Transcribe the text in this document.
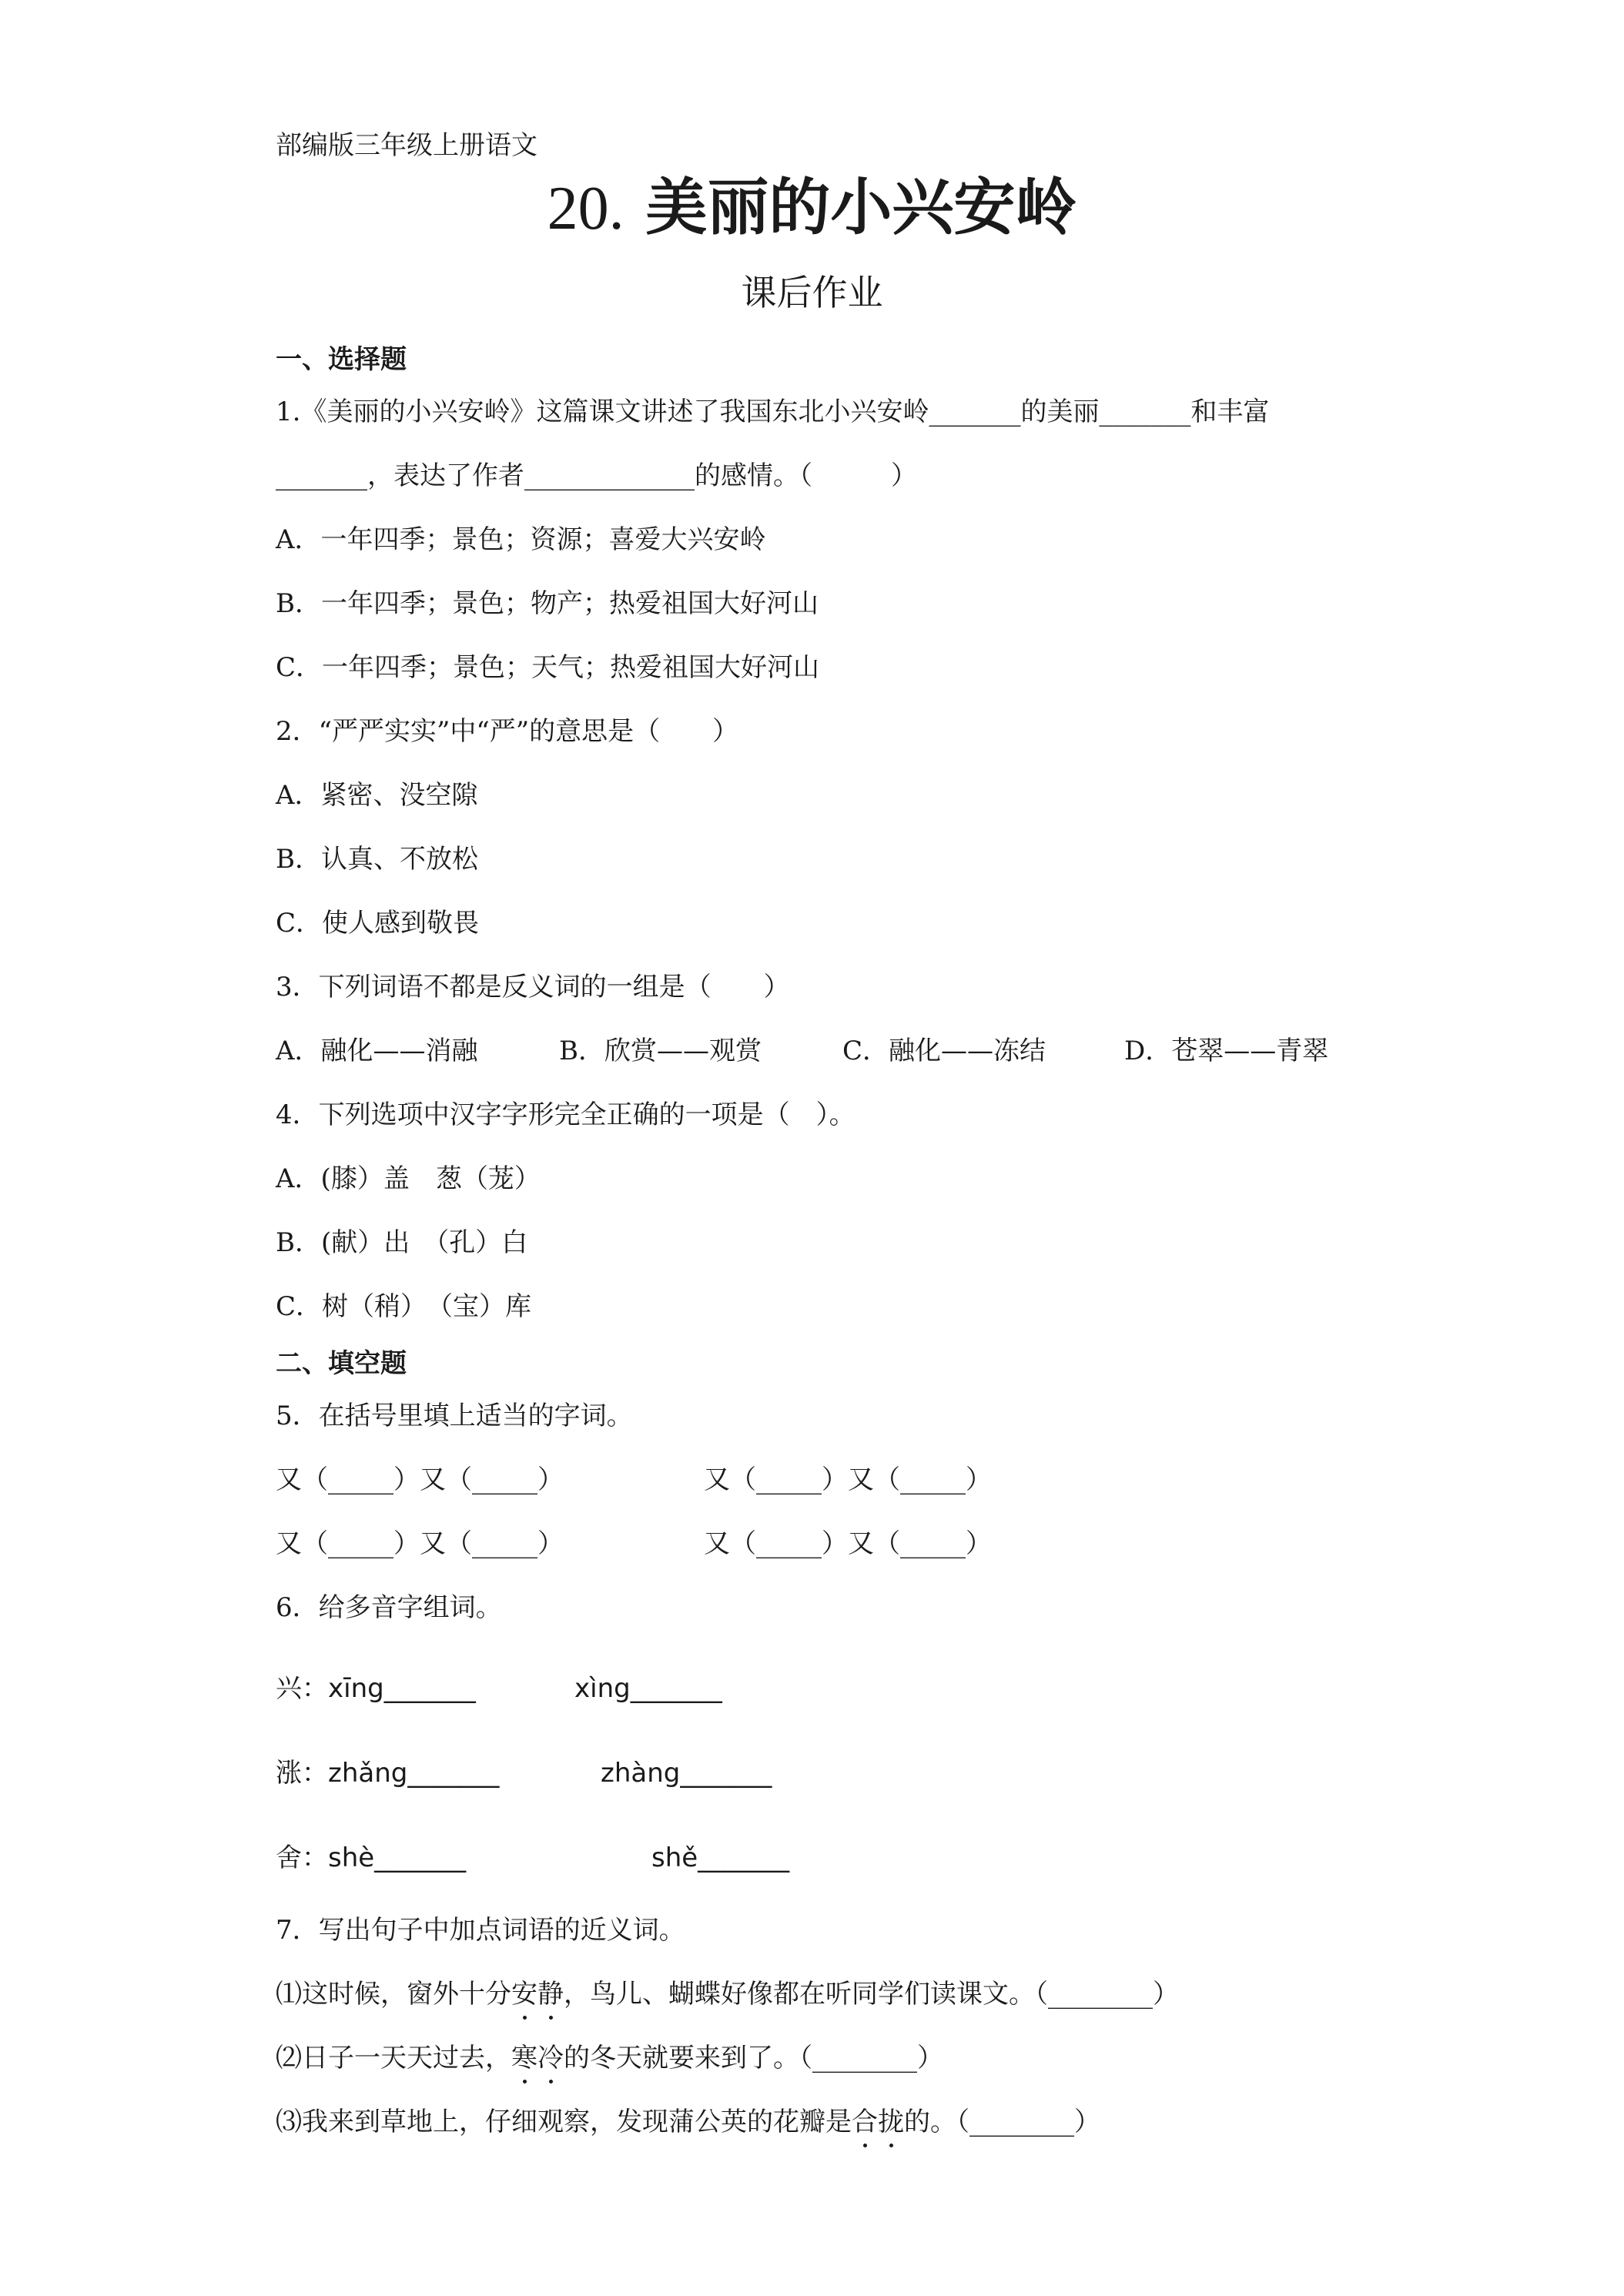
部编版三年级上册语文
20. 美丽的小兴安岭
课后作业
一、选择题
1.《美丽的小兴安岭》这篇课文讲述了我国东北小兴安岭_______的美丽_______和丰富
_______，表达了作者_____________的感情。（　　　）
A．一年四季；景色；资源；喜爱大兴安岭
B．一年四季；景色；物产；热爱祖国大好河山
C．一年四季；景色；天气；热爱祖国大好河山
2．“严严实实”中“严”的意思是（　　）
A．紧密、没空隙
B．认真、不放松
C．使人感到敬畏
3．下列词语不都是反义词的一组是（　　）
A．融化——消融	B．欣赏——观赏	C．融化——冻结	D．苍翠——青翠
4．下列选项中汉字字形完全正确的一项是（　）。
A．(膝）盖　葱（茏）
B．(献）出　（孔）白
C．树（稍）　（宝）库
二、填空题
5．在括号里填上适当的字词。
又（_____）又（_____）	又（_____）又（_____）
又（_____）又（_____）	又（_____）又（_____）
6．给多音字组词。
兴： xīng_______	xìng_______
涨： zhǎng_______	zhàng_______
舍： shè_______	shě_______
7．写出句子中加点词语的近义词。
⑴这时候，窗外十分安静，鸟儿、蝴蝶好像都在听同学们读课文。（________）
⑵日子一天天过去，寒冷的冬天就要来到了。（________）
⑶我来到草地上，仔细观察，发现蒲公英的花瓣是合拢的。（________）
